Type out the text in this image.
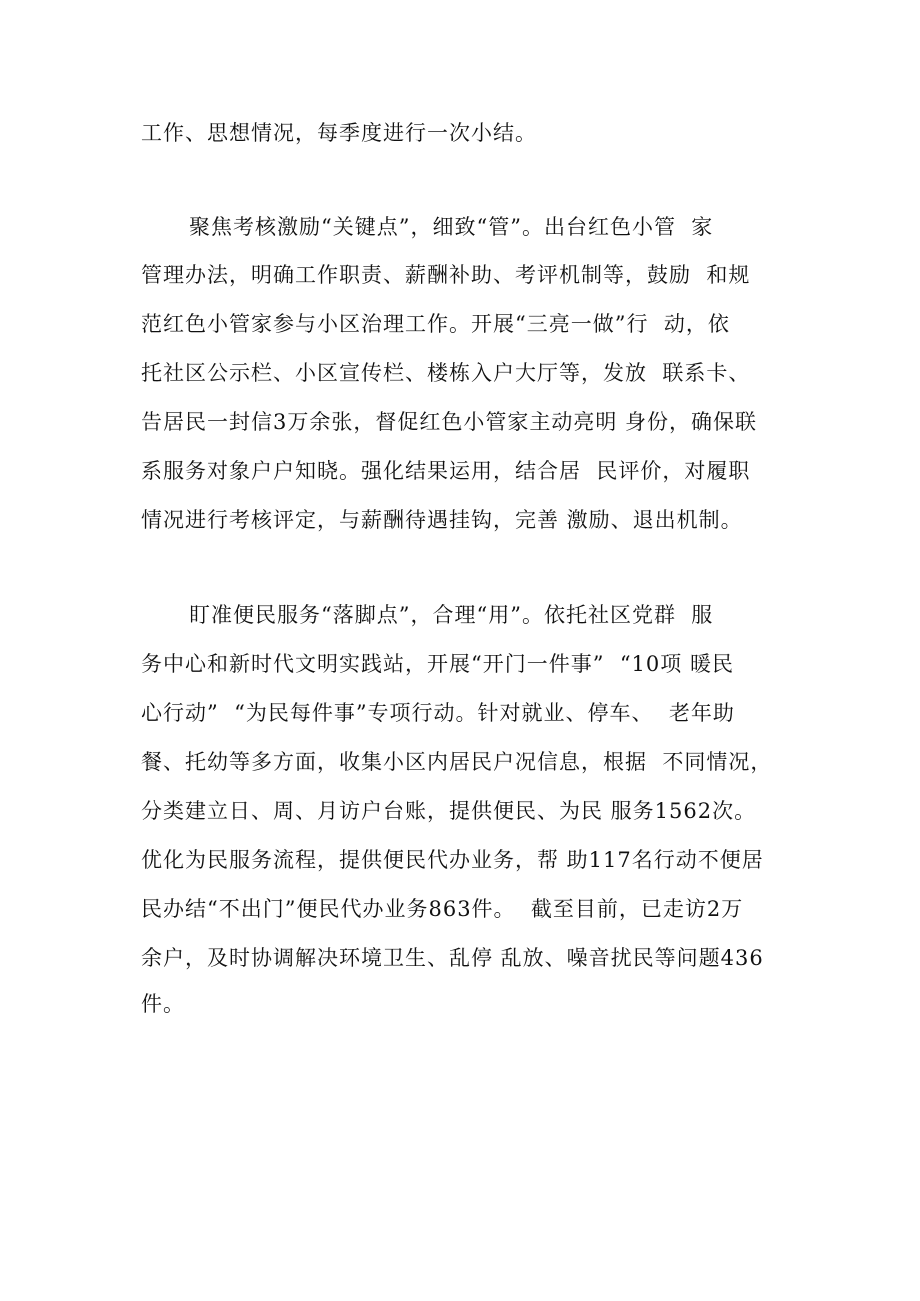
工作、思想情况，每季度进行一次小结。
聚焦考核激励“关键点”，细致“管”。出台红色小管  家
管理办法，明确工作职责、薪酬补助、考评机制等，鼓励  和规
范红色小管家参与小区治理工作。开展“三亮一做”行  动，依
托社区公示栏、小区宣传栏、楼栋入户大厅等，发放  联系卡、
告居民一封信3万余张，督促红色小管家主动亮明 身份，确保联
系服务对象户户知晓。强化结果运用，结合居  民评价，对履职
情况进行考核评定，与薪酬待遇挂钩，完善 激励、退出机制。
盯准便民服务“落脚点”，合理“用”。依托社区党群  服
务中心和新时代文明实践站，开展“开门一件事”  “10项 暖民
心行动”  “为民每件事”专项行动。针对就业、停车、  老年助
餐、托幼等多方面，收集小区内居民户况信息，根据  不同情况，
分类建立日、周、月访户台账，提供便民、为民 服务1562次。
优化为民服务流程，提供便民代办业务，帮 助117名行动不便居
民办结“不出门”便民代办业务863件。  截至目前，已走访2万
余户，及时协调解决环境卫生、乱停 乱放、噪音扰民等问题436
件。
